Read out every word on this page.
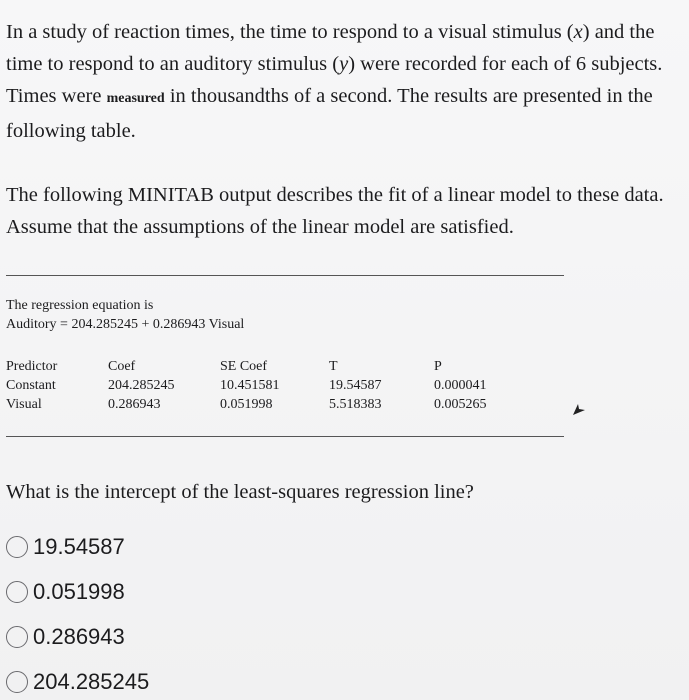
In a study of reaction times, the time to respond to a visual stimulus (x) and the time to respond to an auditory stimulus (y) were recorded for each of 6 subjects. Times were measured in thousandths of a second. The results are presented in the following table.

The following MINITAB output describes the fit of a linear model to these data. Assume that the assumptions of the linear model are satisfied.

The regression equation is
Auditory = 204.285245 + 0.286943 Visual
Predictor	Coef	SE Coef	T	P
Constant	204.285245	10.451581	19.54587	0.000041
Visual	0.286943	0.051998	5.518383	0.005265

What is the intercept of the least-squares regression line?

19.54587
0.051998
0.286943
204.285245
